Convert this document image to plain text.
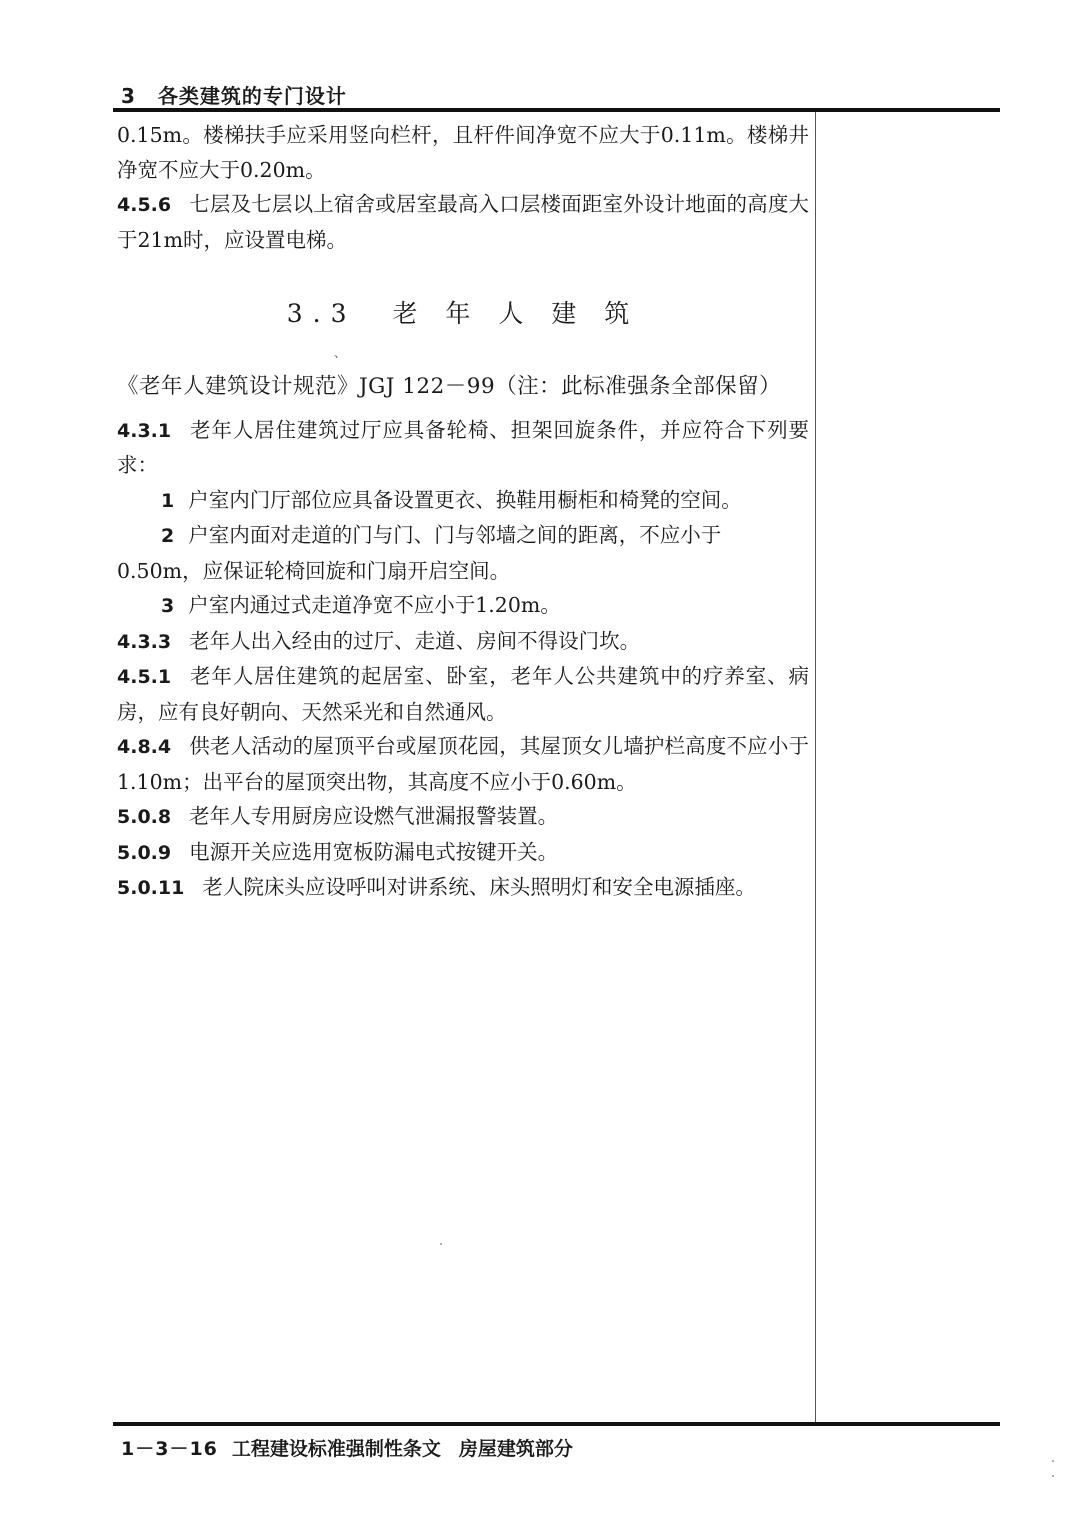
3 各类建筑的专门设计

0.15m。楼梯扶手应采用竖向栏杆，且杆件间净宽不应大于0.11m。楼梯井净宽不应大于0.20m。

4.5.6 七层及七层以上宿舍或居室最高入口层楼面距室外设计地面的高度大于21m时，应设置电梯。

3.3 老 年 人 建 筑
、

《老年人建筑设计规范》JGJ 122－99（注：此标准强条全部保留）

4.3.1 老年人居住建筑过厅应具备轮椅、担架回旋条件，并应符合下列要求：

1 户室内门厅部位应具备设置更衣、换鞋用橱柜和椅凳的空间。

2 户室内面对走道的门与门、门与邻墙之间的距离，不应小于

0.50m，应保证轮椅回旋和门扇开启空间。

3 户室内通过式走道净宽不应小于1.20m。

4.3.3 老年人出入经由的过厅、走道、房间不得设门坎。

4.5.1 老年人居住建筑的起居室、卧室，老年人公共建筑中的疗养室、病房，应有良好朝向、天然采光和自然通风。

4.8.4 供老人活动的屋顶平台或屋顶花园，其屋顶女儿墙护栏高度不应小于1.10m；出平台的屋顶突出物，其高度不应小于0.60m。

5.0.8 老年人专用厨房应设燃气泄漏报警装置。

5.0.9 电源开关应选用宽板防漏电式按键开关。

5.0.11 老人院床头应设呼叫对讲系统、床头照明灯和安全电源插座。

1－3－16 工程建设标准强制性条文 房屋建筑部分
